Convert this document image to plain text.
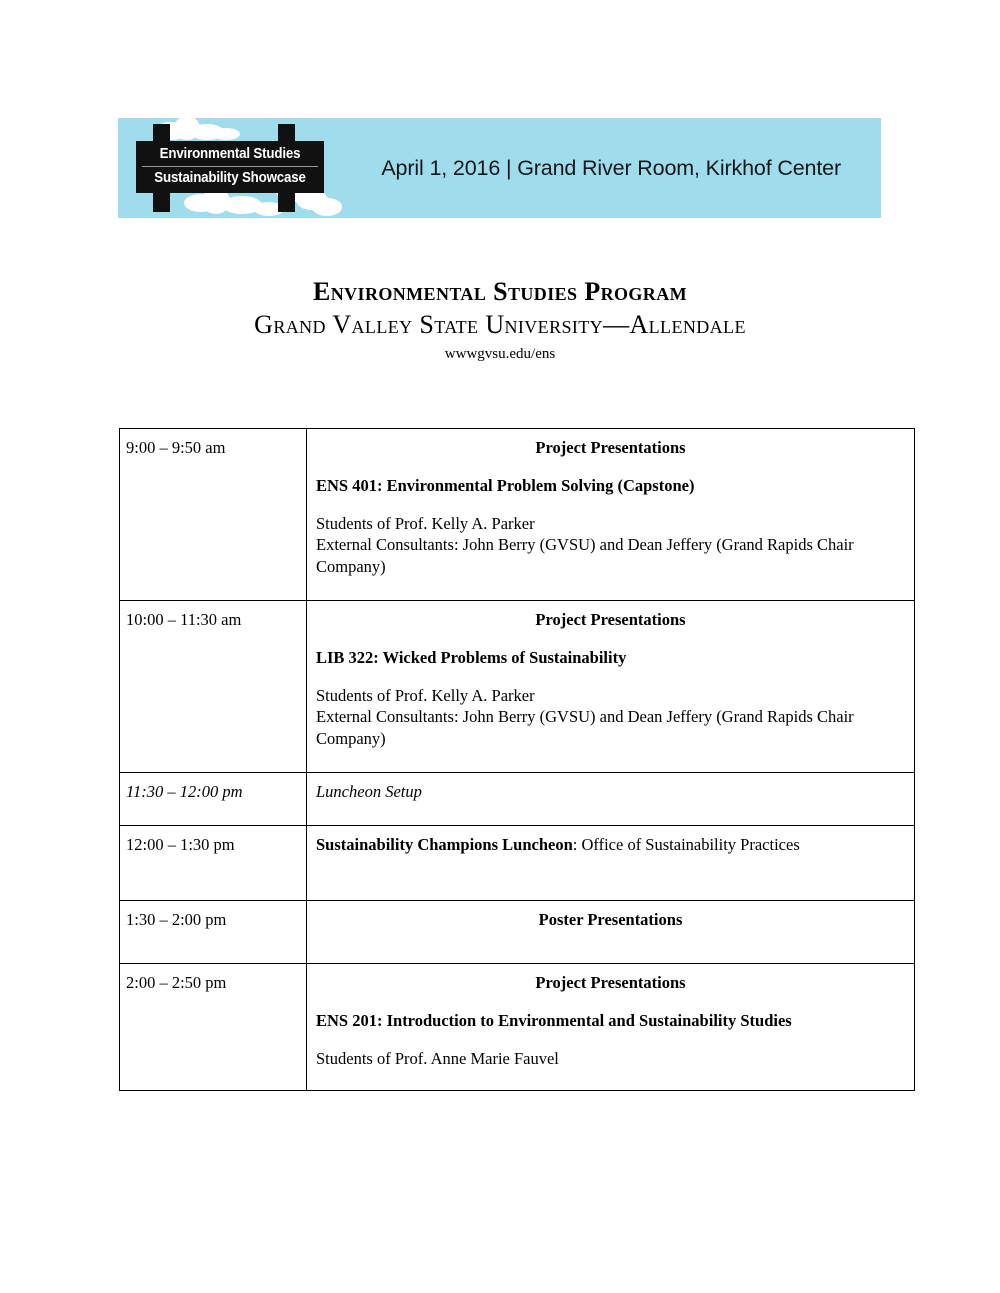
Environmental Studies
Sustainability Showcase	April 1, 2016 | Grand River Room, Kirkhof Center
Environmental Studies Program
Grand Valley State University—Allendale
wwwgvsu.edu/ens
9:00 – 9:50 am	Project Presentations
ENS 401: Environmental Problem Solving (Capstone)
Students of Prof. Kelly A. Parker
External Consultants: John Berry (GVSU) and Dean Jeffery (Grand Rapids Chair Company)

10:00 – 11:30 am	Project Presentations
LIB 322: Wicked Problems of Sustainability
Students of Prof. Kelly A. Parker
External Consultants: John Berry (GVSU) and Dean Jeffery (Grand Rapids Chair Company)

11:30 – 12:00 pm	Luncheon Setup
12:00 – 1:30 pm	Sustainability Champions Luncheon: Office of Sustainability Practices
1:30 – 2:00 pm	Poster Presentations

2:00 – 2:50 pm	Project Presentations
ENS 201: Introduction to Environmental and Sustainability Studies
Students of Prof. Anne Marie Fauvel
